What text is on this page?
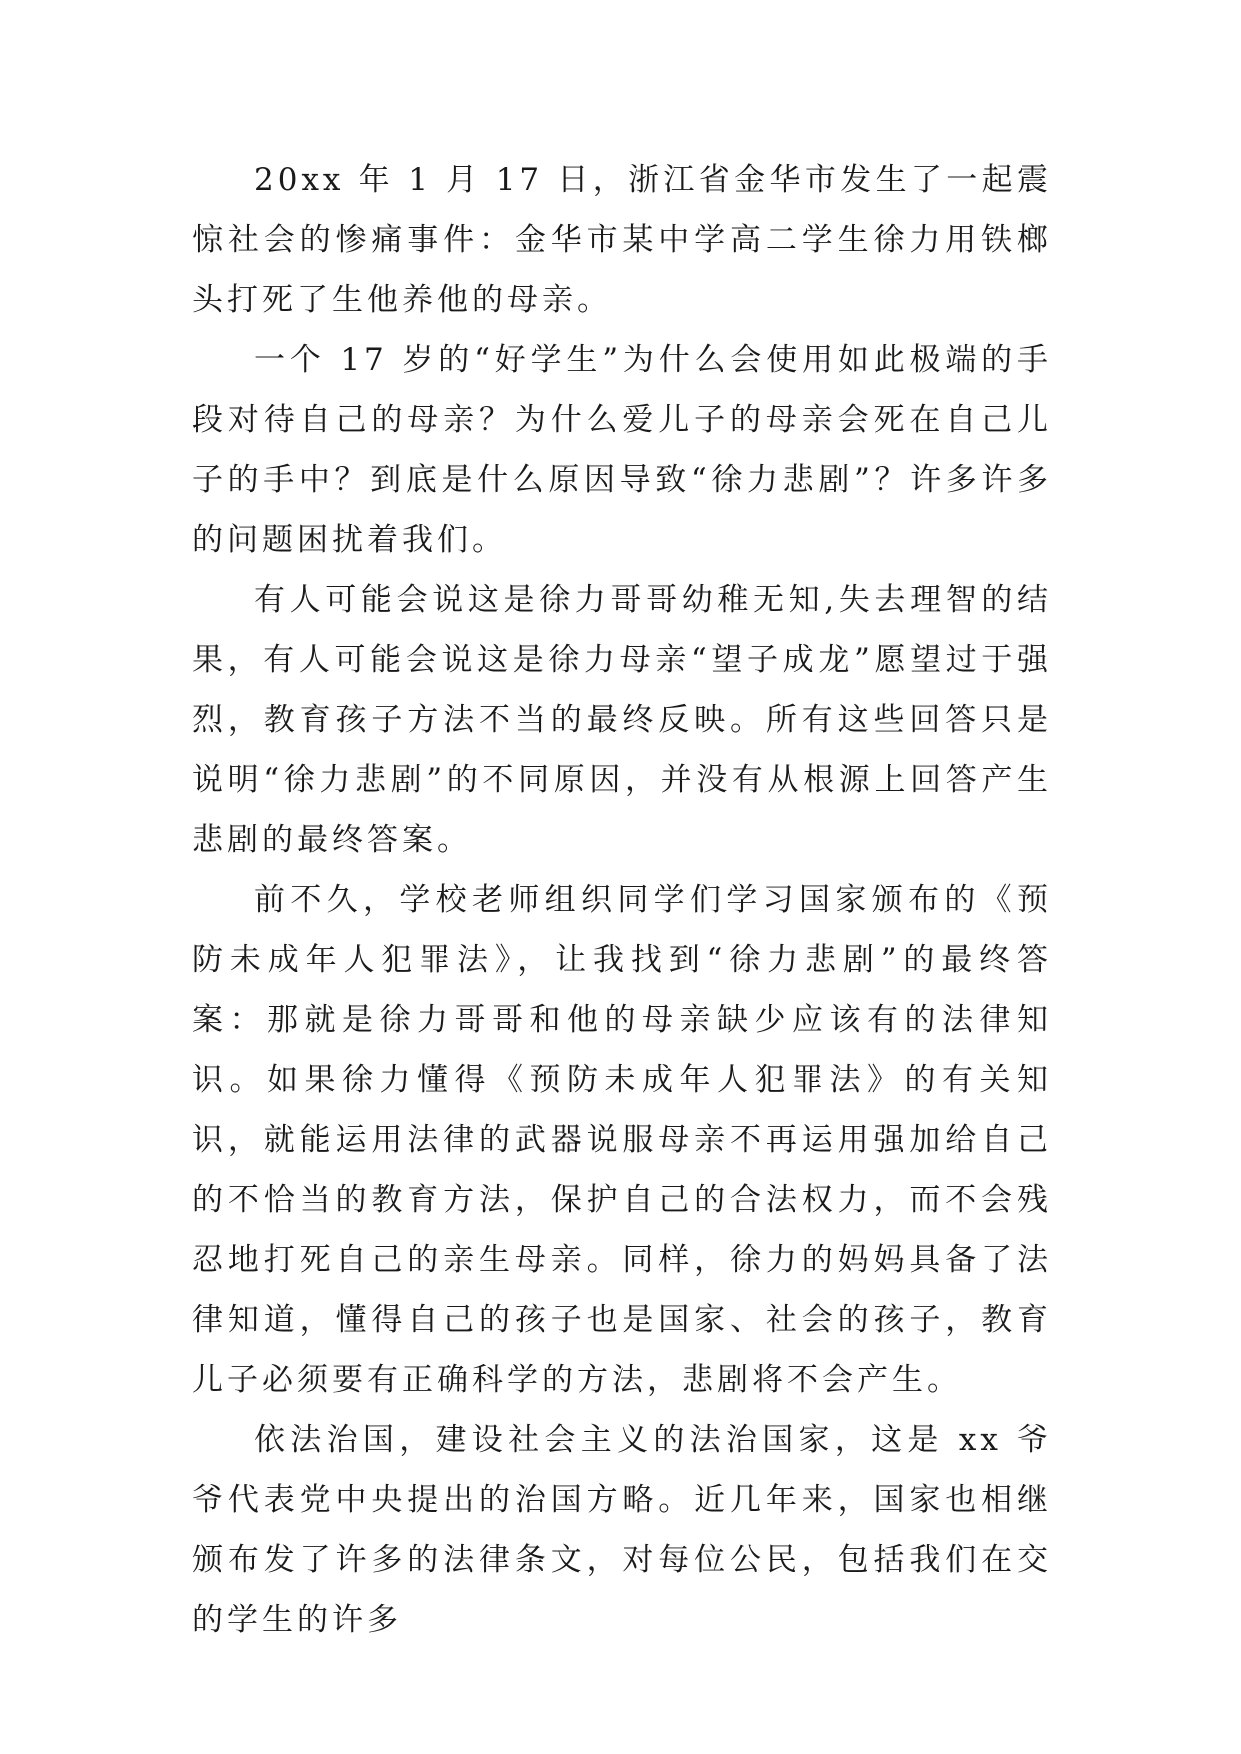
20xx 年 1 月 17 日，浙江省金华市发生了一起震惊社会的惨痛事件：金华市某中学高二学生徐力用铁榔头打死了生他养他的母亲。

一个 17 岁的“好学生”为什么会使用如此极端的手段对待自己的母亲？为什么爱儿子的母亲会死在自己儿子的手中？到底是什么原因导致“徐力悲剧”？许多许多的问题困扰着我们。

有人可能会说这是徐力哥哥幼稚无知,失去理智的结果，有人可能会说这是徐力母亲“望子成龙”愿望过于强烈，教育孩子方法不当的最终反映。所有这些回答只是说明“徐力悲剧”的不同原因，并没有从根源上回答产生悲剧的最终答案。

前不久，学校老师组织同学们学习国家颁布的《预防未成年人犯罪法》，让我找到“徐力悲剧”的最终答案：那就是徐力哥哥和他的母亲缺少应该有的法律知识。如果徐力懂得《预防未成年人犯罪法》的有关知识，就能运用法律的武器说服母亲不再运用强加给自己的不恰当的教育方法，保护自己的合法权力，而不会残忍地打死自己的亲生母亲。同样，徐力的妈妈具备了法律知道，懂得自己的孩子也是国家、社会的孩子，教育儿子必须要有正确科学的方法，悲剧将不会产生。

依法治国，建设社会主义的法治国家，这是 xx 爷爷代表党中央提出的治国方略。近几年来，国家也相继颁布发了许多的法律条文，对每位公民，包括我们在交的学生的许多
